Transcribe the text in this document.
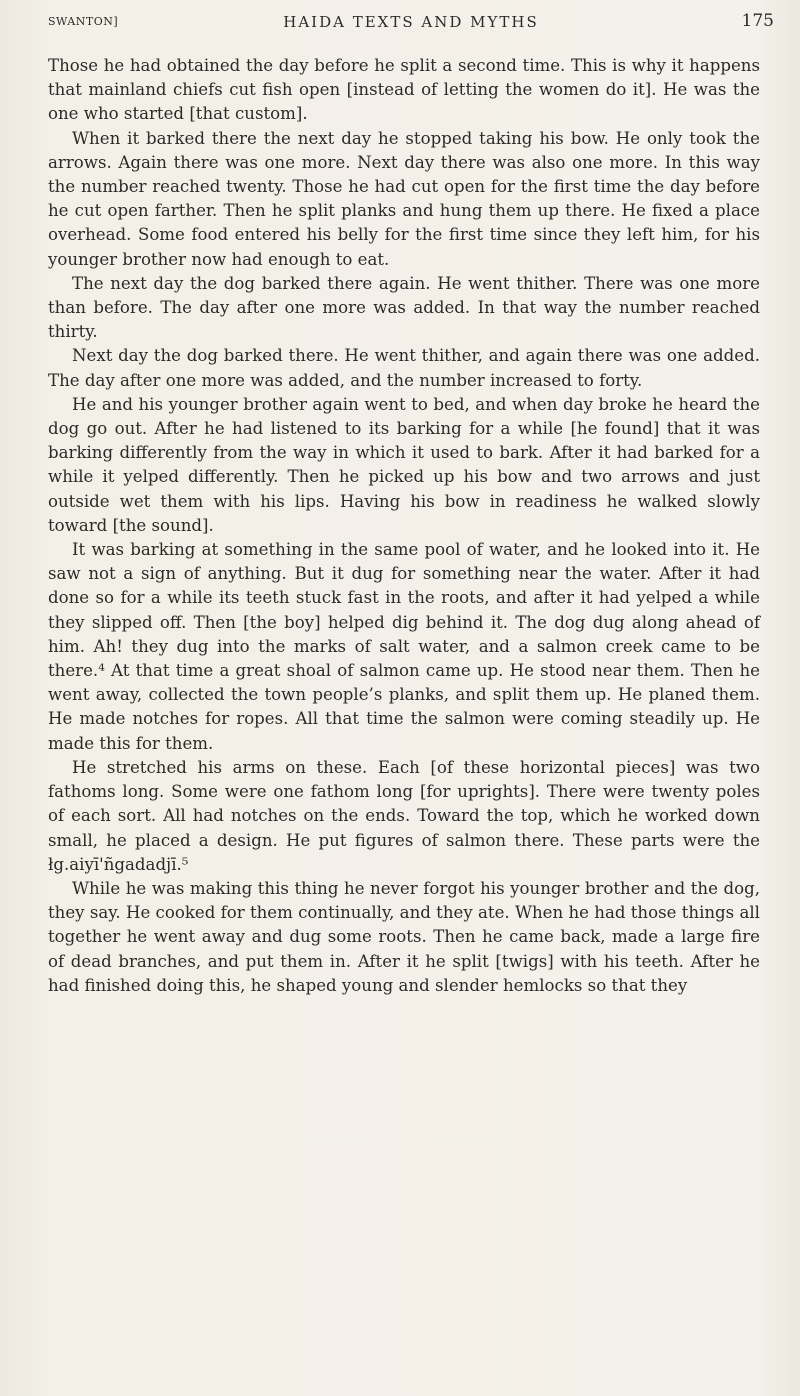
SWANTON]	HAIDA TEXTS AND MYTHS	175

Those he had obtained the day before he split a second time. This is why it happens that mainland chiefs cut fish open [instead of letting the women do it]. He was the one who started [that custom].

When it barked there the next day he stopped taking his bow. He only took the arrows. Again there was one more. Next day there was also one more. In this way the number reached twenty. Those he had cut open for the first time the day before he cut open farther. Then he split planks and hung them up there. He fixed a place overhead. Some food entered his belly for the first time since they left him, for his younger brother now had enough to eat.

The next day the dog barked there again. He went thither. There was one more than before. The day after one more was added. In that way the number reached thirty.

Next day the dog barked there. He went thither, and again there was one added. The day after one more was added, and the number increased to forty.

He and his younger brother again went to bed, and when day broke he heard the dog go out. After he had listened to its barking for a while [he found] that it was barking differently from the way in which it used to bark. After it had barked for a while it yelped differently. Then he picked up his bow and two arrows and just outside wet them with his lips. Having his bow in readiness he walked slowly toward [the sound].

It was barking at something in the same pool of water, and he looked into it. He saw not a sign of anything. But it dug for something near the water. After it had done so for a while its teeth stuck fast in the roots, and after it had yelped a while they slipped off. Then [the boy] helped dig behind it. The dog dug along ahead of him. Ah! they dug into the marks of salt water, and a salmon creek came to be there.⁴ At that time a great shoal of salmon came up. He stood near them. Then he went away, collected the town people’s planks, and split them up. He planed them. He made notches for ropes. All that time the salmon were coming steadily up. He made this for them.

He stretched his arms on these. Each [of these horizontal pieces] was two fathoms long. Some were one fathom long [for uprights]. There were twenty poles of each sort. All had notches on the ends. Toward the top, which he worked down small, he placed a design. He put figures of salmon there. These parts were the łg.aiyī'ñgadadjī.⁵

While he was making this thing he never forgot his younger brother and the dog, they say. He cooked for them continually, and they ate. When he had those things all together he went away and dug some roots. Then he came back, made a large fire of dead branches, and put them in. After it he split [twigs] with his teeth. After he had finished doing this, he shaped young and slender hemlocks so that they
